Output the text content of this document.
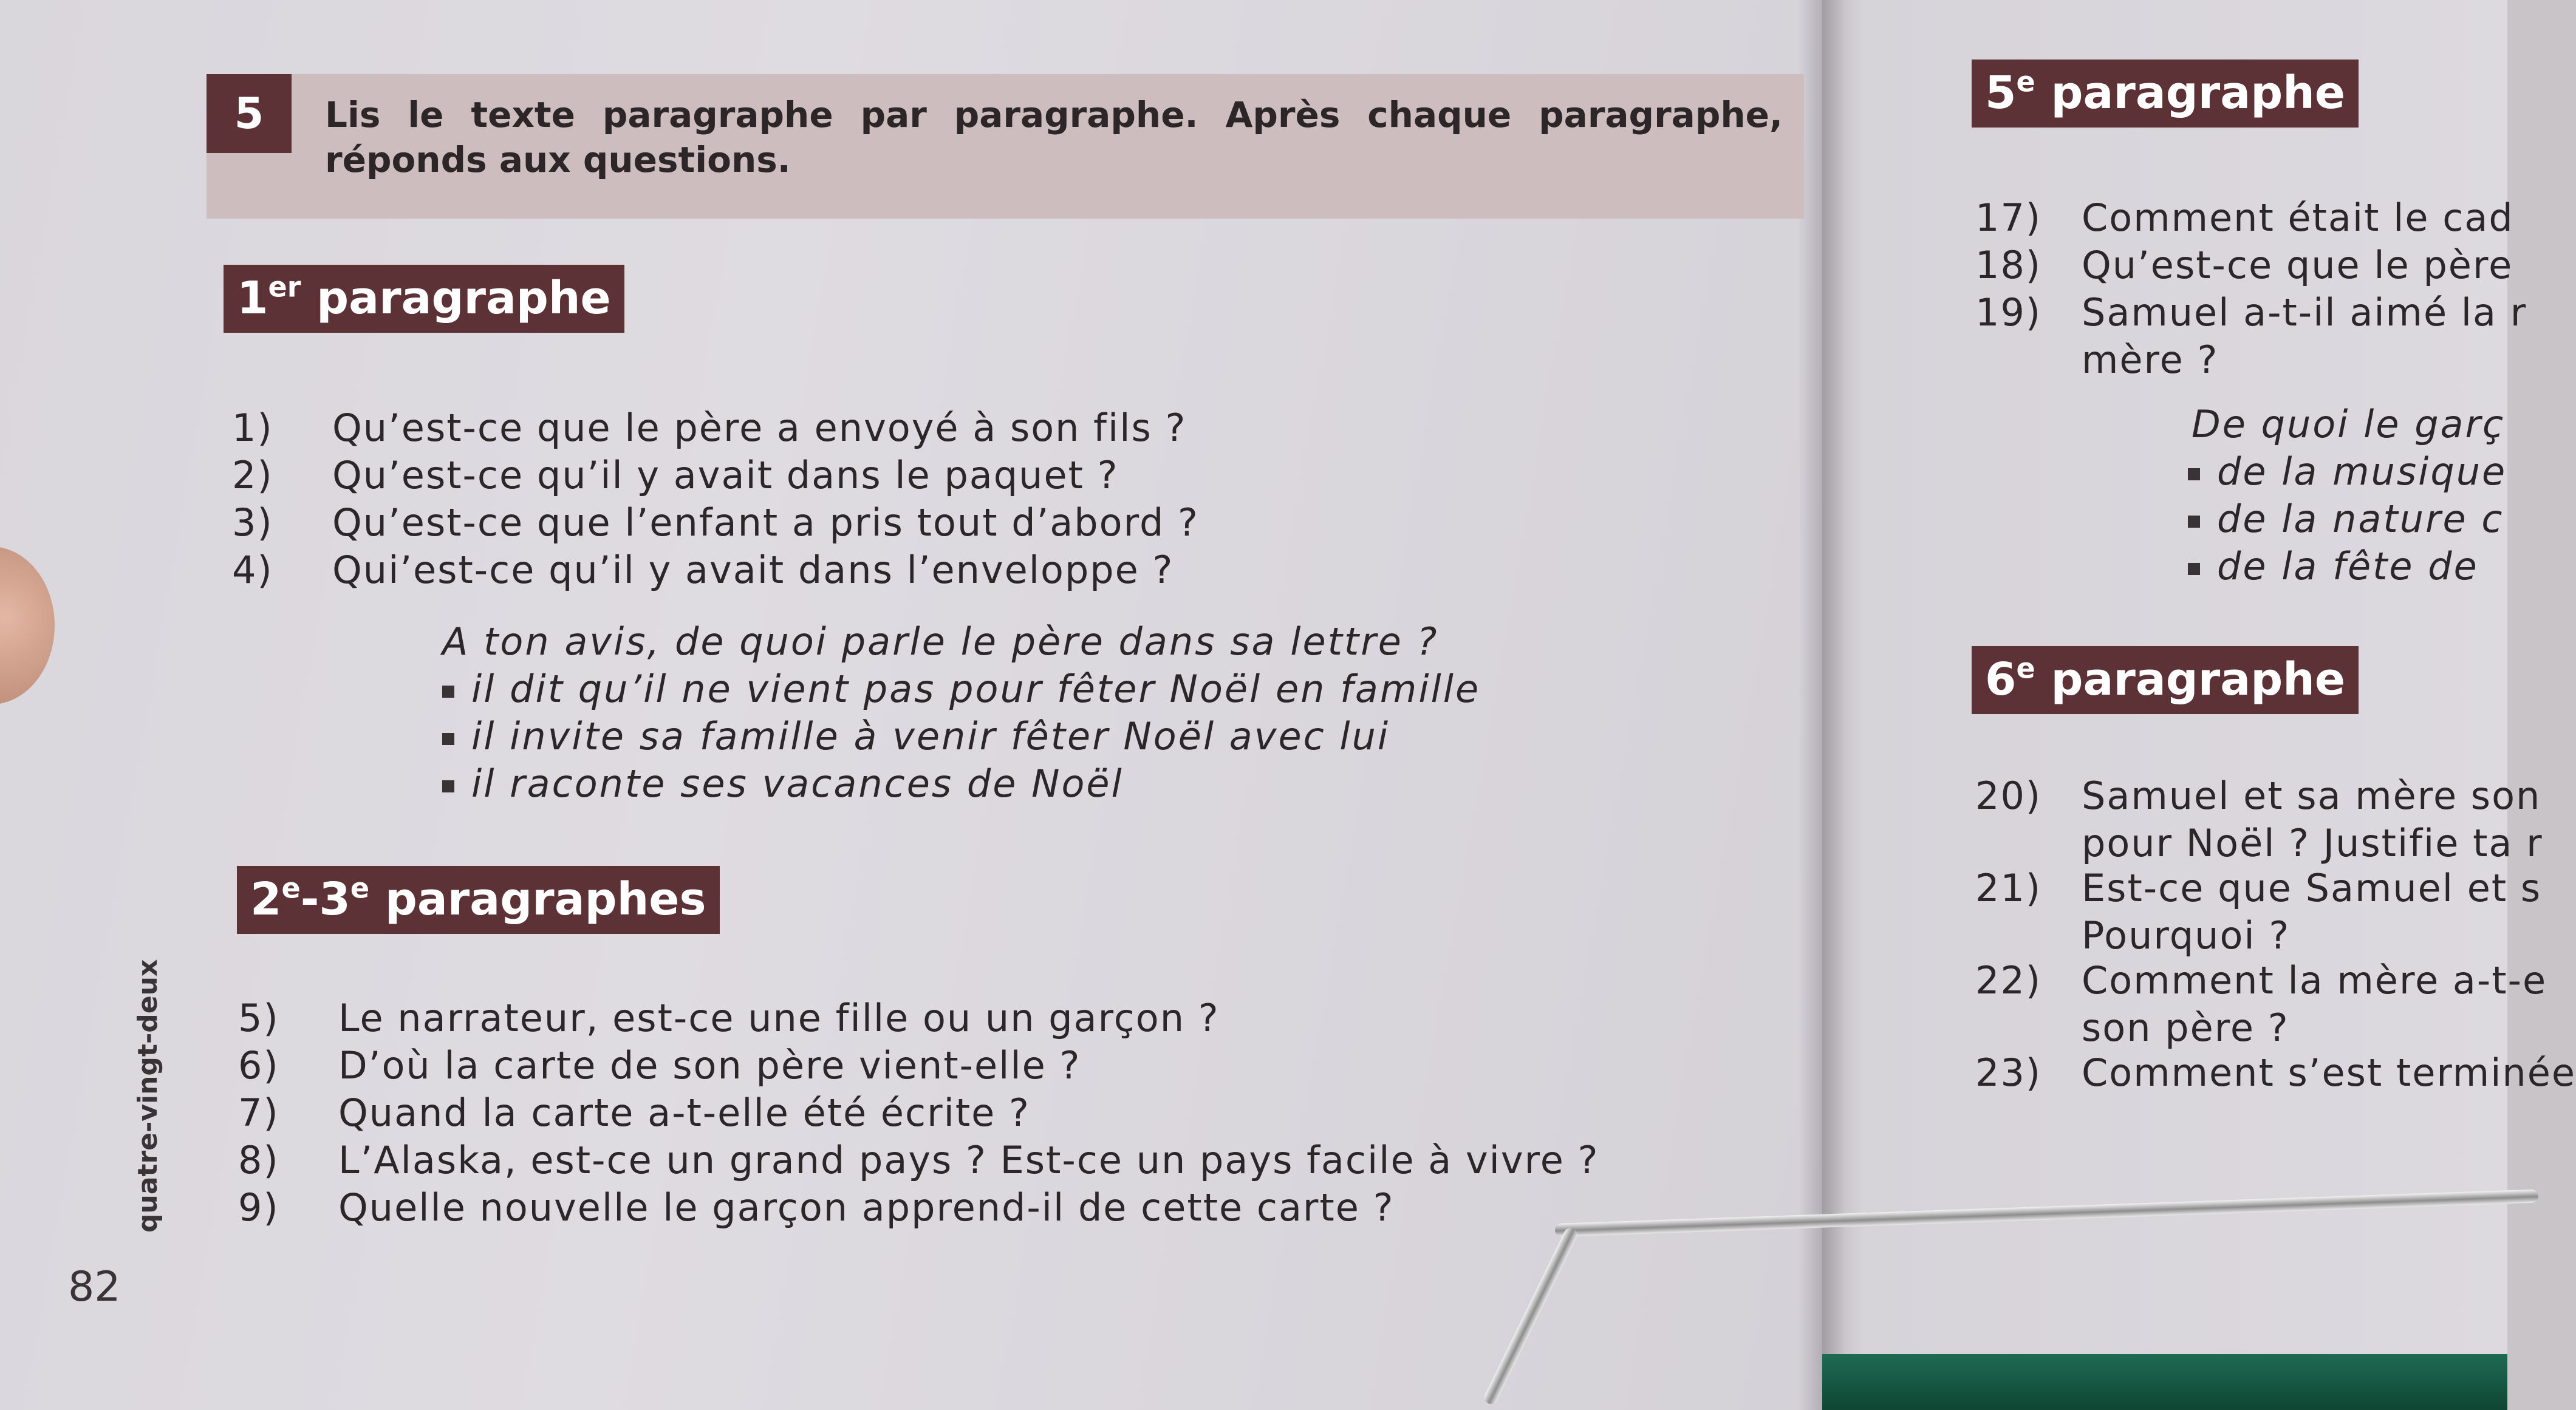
5	Lis le texte paragraphe par paragraphe. Après chaque paragraphe, réponds aux questions.
1er paragraphe
1) Qu’est-ce que le père a envoyé à son fils ?
2) Qu’est-ce qu’il y avait dans le paquet ?
3) Qu’est-ce que l’enfant a pris tout d’abord ?
4) Qui’est-ce qu’il y avait dans l’enveloppe ?
A ton avis, de quoi parle le père dans sa lettre ?
il dit qu’il ne vient pas pour fêter Noël en famille
il invite sa famille à venir fêter Noël avec lui
il raconte ses vacances de Noël
2e-3e paragraphes
5) Le narrateur, est-ce une fille ou un garçon ?
6) D’où la carte de son père vient-elle ?
7) Quand la carte a-t-elle été écrite ?
8) L’Alaska, est-ce un grand pays ? Est-ce un pays facile à vivre ?
9) Quelle nouvelle le garçon apprend-il de cette carte ?
quatre-vingt-deux
82
5e paragraphe
17) Comment était le cad
18) Qu’est-ce que le père
19) Samuel a-t-il aimé la r
mère ?
De quoi le garç
de la musique
de la nature c
de la fête de
6e paragraphe
20) Samuel et sa mère son
pour Noël ? Justifie ta r
21) Est-ce que Samuel et s
Pourquoi ?
22) Comment la mère a-t-e
son père ?
23) Comment s’est terminée
